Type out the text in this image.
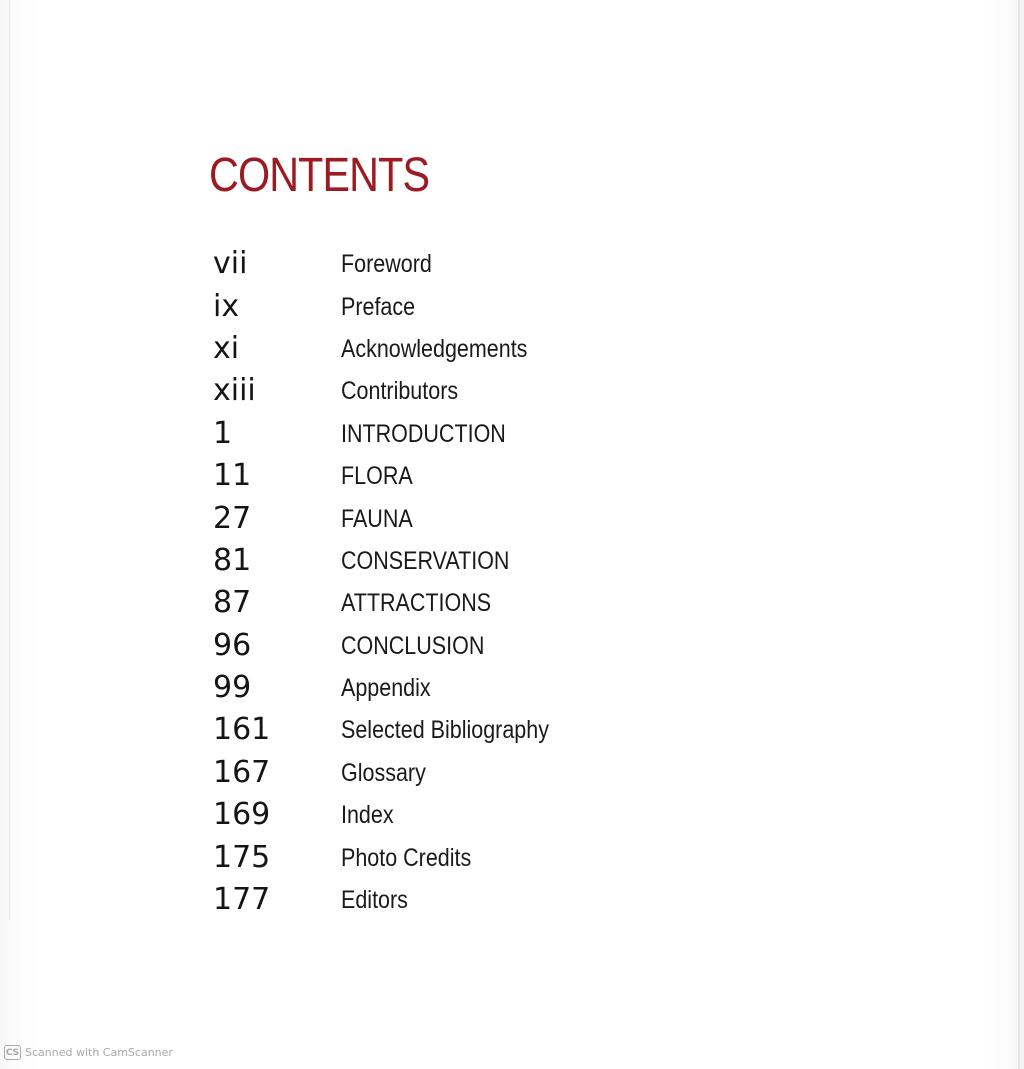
CONTENTS
vii	Foreword
ix	Preface
xi	Acknowledgements
xiii	Contributors
1	INTRODUCTION
11	FLORA
27	FAUNA
81	CONSERVATION
87	ATTRACTIONS
96	CONCLUSION
99	Appendix
161	Selected Bibliography
167	Glossary
169	Index
175	Photo Credits
177	Editors
CS Scanned with CamScanner
